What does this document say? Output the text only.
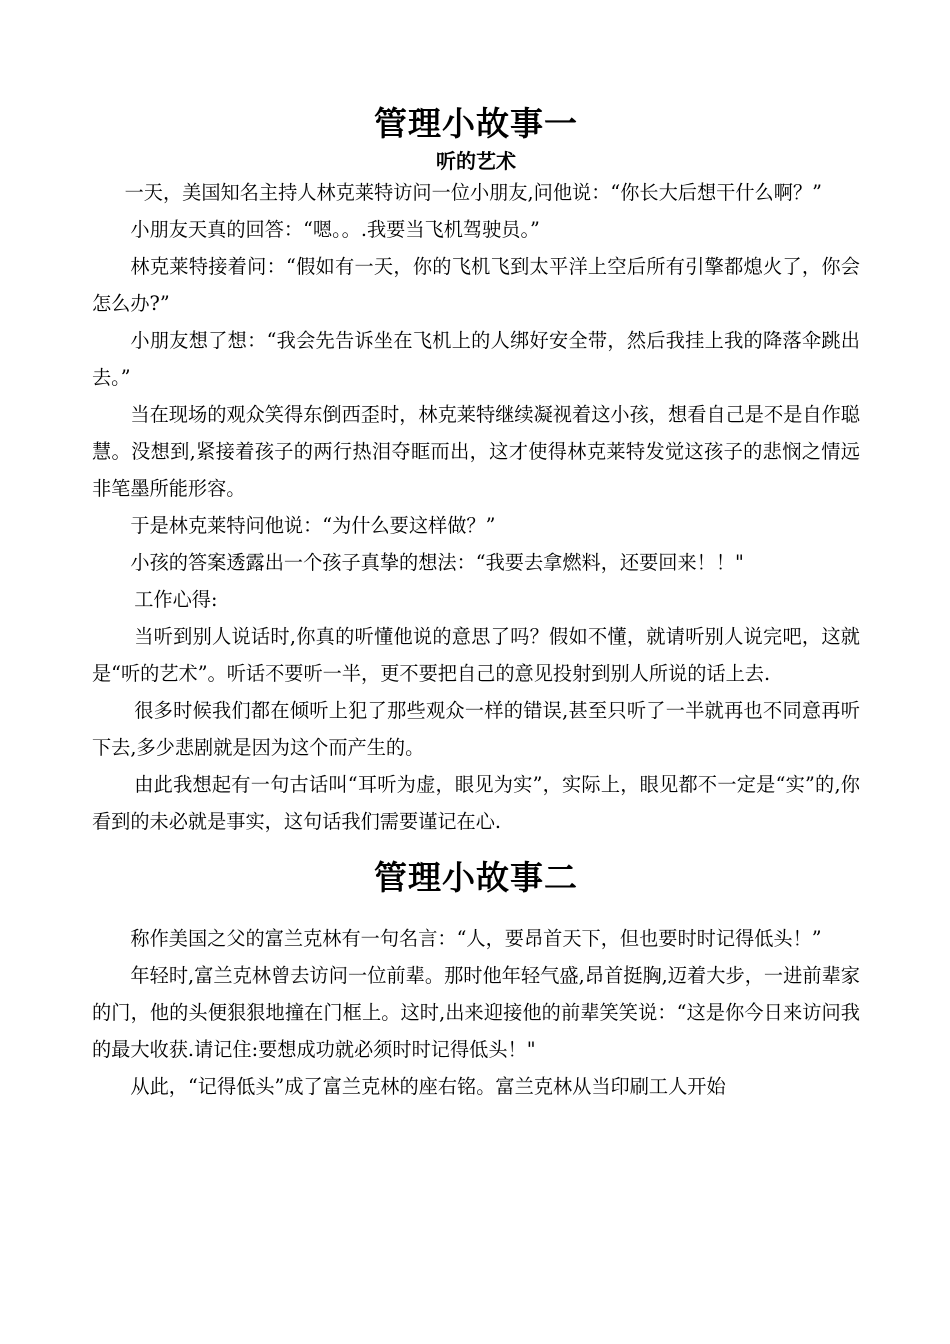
管理小故事一
听的艺术

一天，美国知名主持人林克莱特访问一位小朋友,问他说：“你长大后想干什么啊？”

小朋友天真的回答：“嗯。。.我要当飞机驾驶员。”

林克莱特接着问：“假如有一天，你的飞机飞到太平洋上空后所有引擎都熄火了，你会怎么办?”

小朋友想了想：“我会先告诉坐在飞机上的人绑好安全带，然后我挂上我的降落伞跳出去。”

当在现场的观众笑得东倒西歪时，林克莱特继续凝视着这小孩，想看自己是不是自作聪慧。没想到,紧接着孩子的两行热泪夺眶而出，这才使得林克莱特发觉这孩子的悲悯之情远非笔墨所能形容。

于是林克莱特问他说：“为什么要这样做？”

小孩的答案透露出一个孩子真挚的想法：“我要去拿燃料，还要回来！！"

工作心得:

当听到别人说话时,你真的听懂他说的意思了吗？假如不懂，就请听别人说完吧，这就是“听的艺术”。听话不要听一半，更不要把自己的意见投射到别人所说的话上去.

很多时候我们都在倾听上犯了那些观众一样的错误,甚至只听了一半就再也不同意再听下去,多少悲剧就是因为这个而产生的。

由此我想起有一句古话叫“耳听为虚，眼见为实”，实际上，眼见都不一定是“实”的,你看到的未必就是事实，这句话我们需要谨记在心.

管理小故事二

称作美国之父的富兰克林有一句名言：“人，要昂首天下，但也要时时记得低头！”

年轻时,富兰克林曾去访问一位前辈。那时他年轻气盛,昂首挺胸,迈着大步，一进前辈家的门，他的头便狠狠地撞在门框上。这时,出来迎接他的前辈笑笑说：“这是你今日来访问我的最大收获.请记住:要想成功就必须时时记得低头！"

从此，“记得低头”成了富兰克林的座右铭。富兰克林从当印刷工人开始
